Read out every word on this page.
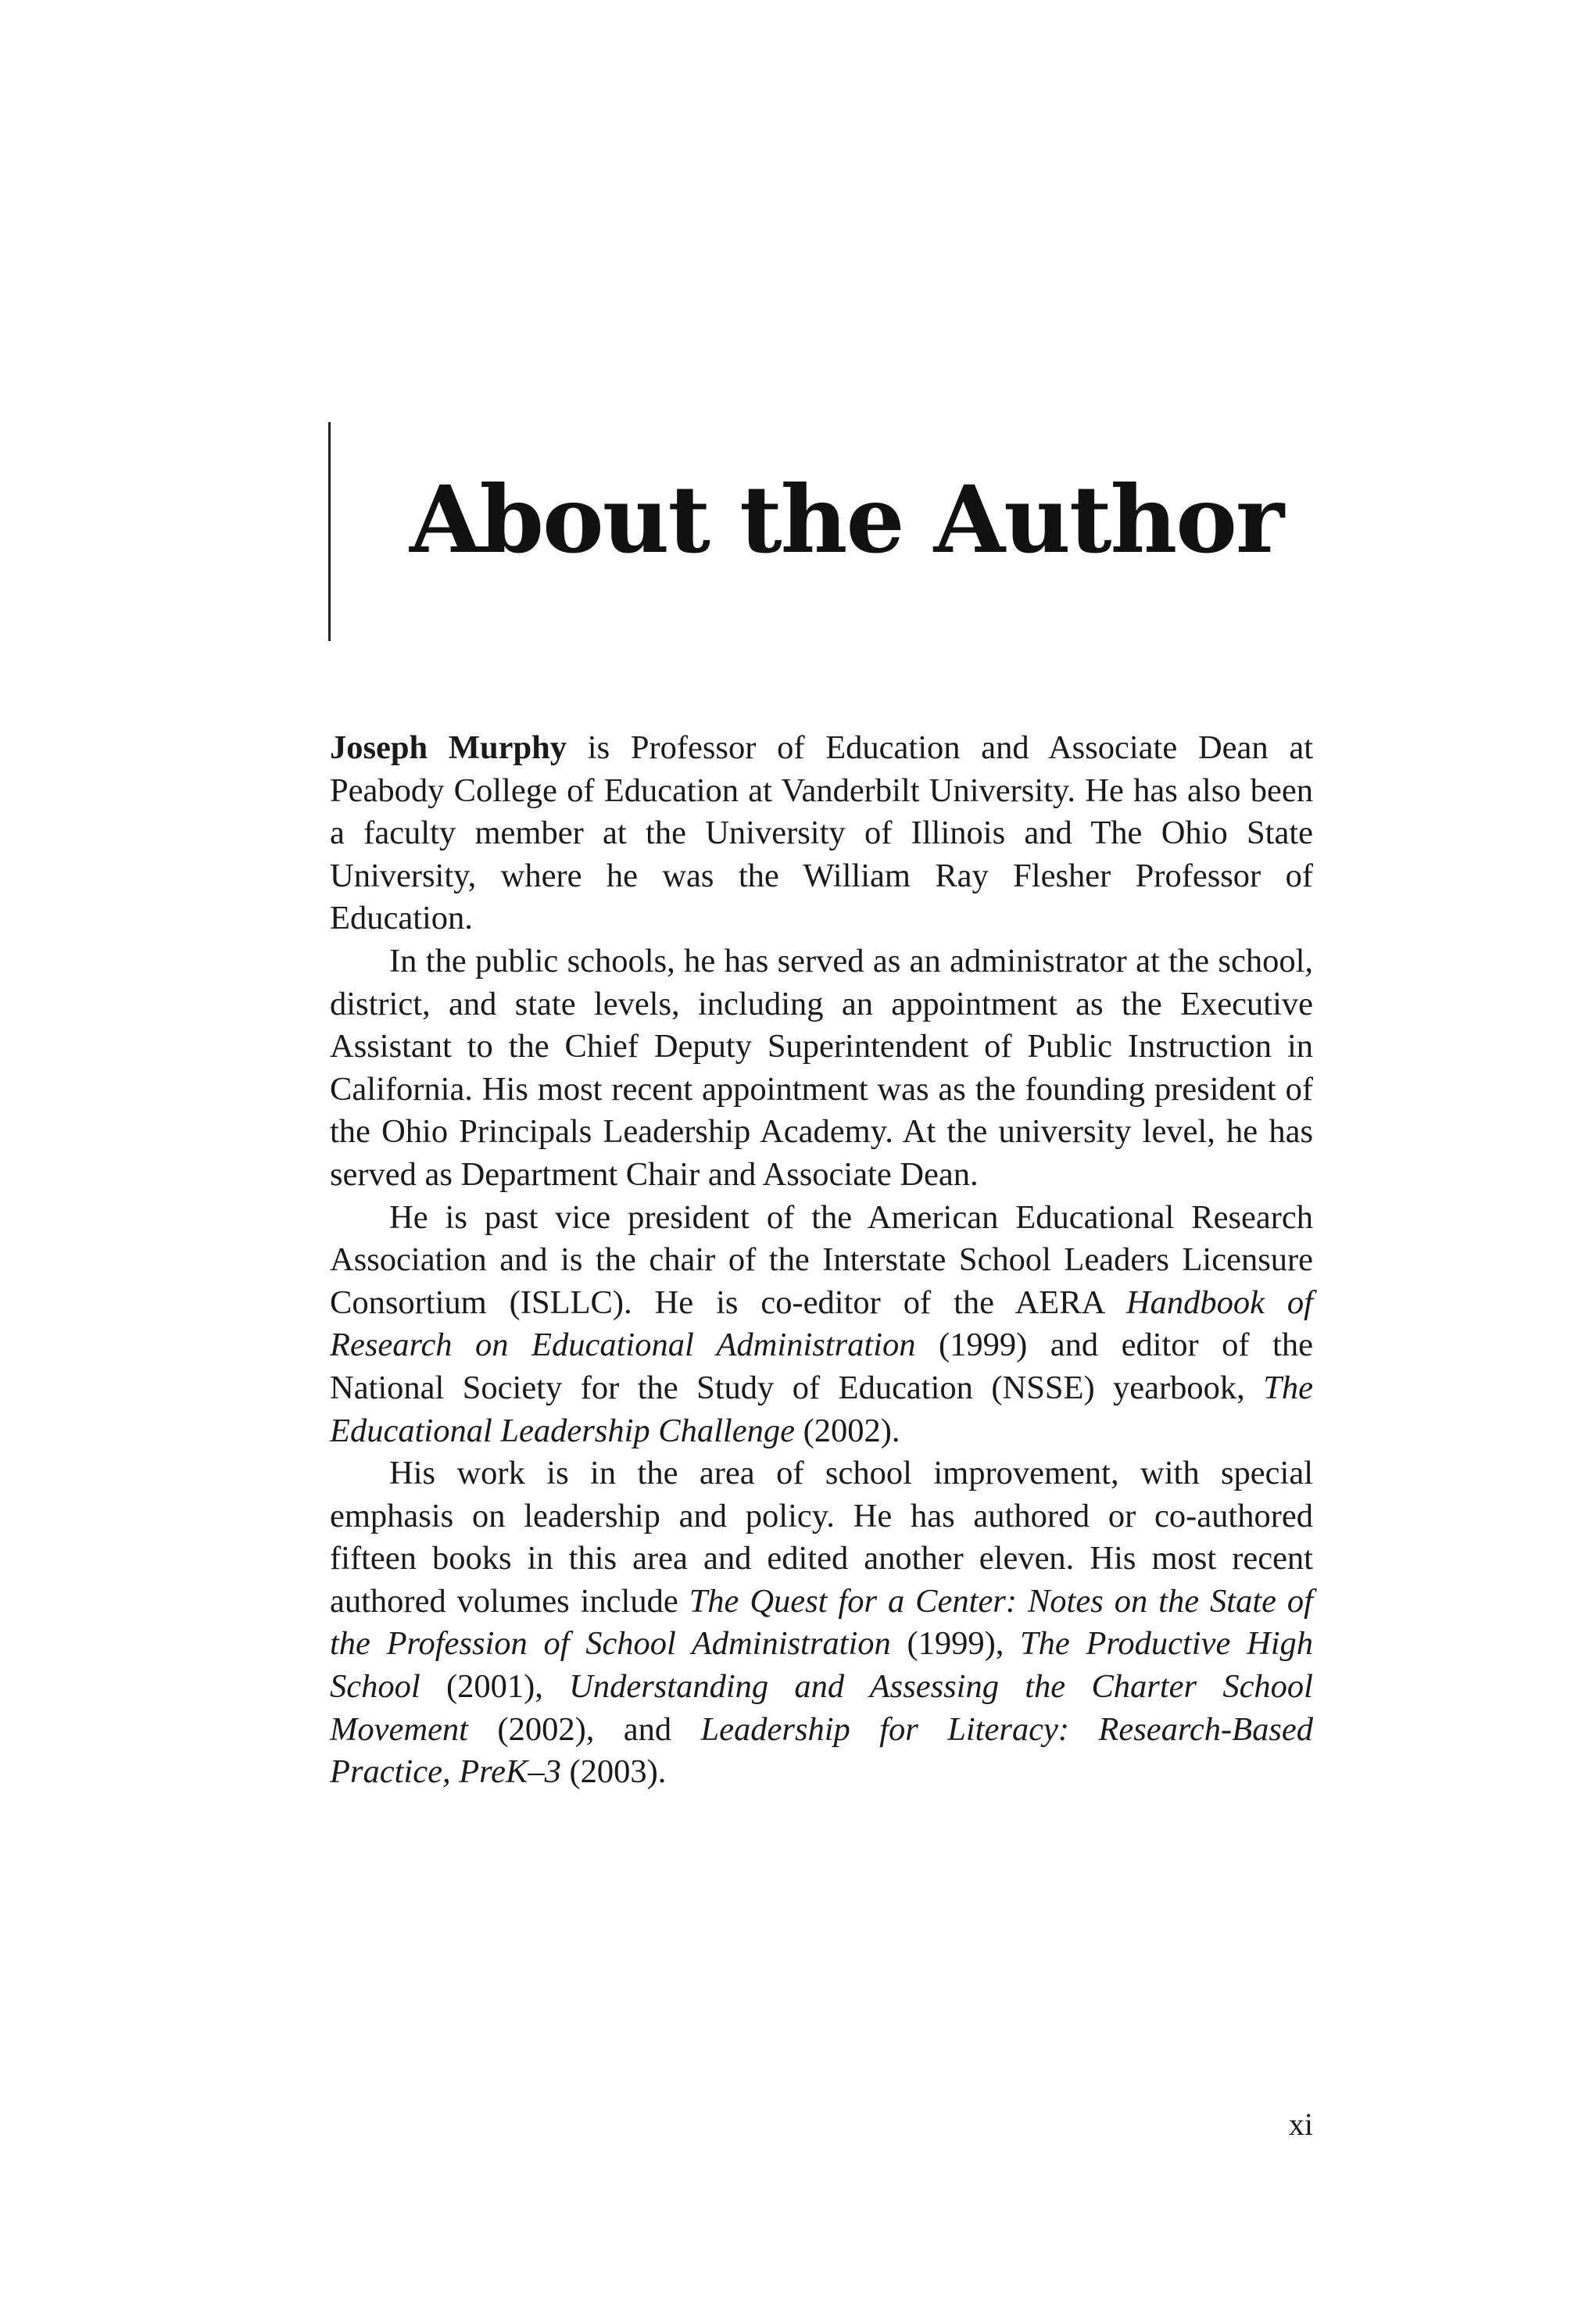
About the Author

Joseph Murphy is Professor of Education and Associate Dean at Peabody College of Education at Vanderbilt University. He has also been a faculty member at the University of Illinois and The Ohio State University, where he was the William Ray Flesher Professor of Education.

In the public schools, he has served as an administrator at the school, district, and state levels, including an appointment as the Executive Assistant to the Chief Deputy Superintendent of Public Instruction in California. His most recent appointment was as the founding president of the Ohio Principals Leadership Academy. At the university level, he has served as Department Chair and Associate Dean.

He is past vice president of the American Educational Research Association and is the chair of the Interstate School Leaders Licensure Consortium (ISLLC). He is co-editor of the AERA Handbook of Research on Educational Administration (1999) and editor of the National Society for the Study of Education (NSSE) yearbook, The Educational Leadership Challenge (2002).

His work is in the area of school improvement, with special emphasis on leadership and policy. He has authored or co-authored fifteen books in this area and edited another eleven. His most recent authored volumes include The Quest for a Center: Notes on the State of the Profession of School Administration (1999), The Productive High School (2001), Understanding and Assessing the Charter School Movement (2002), and Leadership for Literacy: Research-Based Practice, PreK–3 (2003).

xi
